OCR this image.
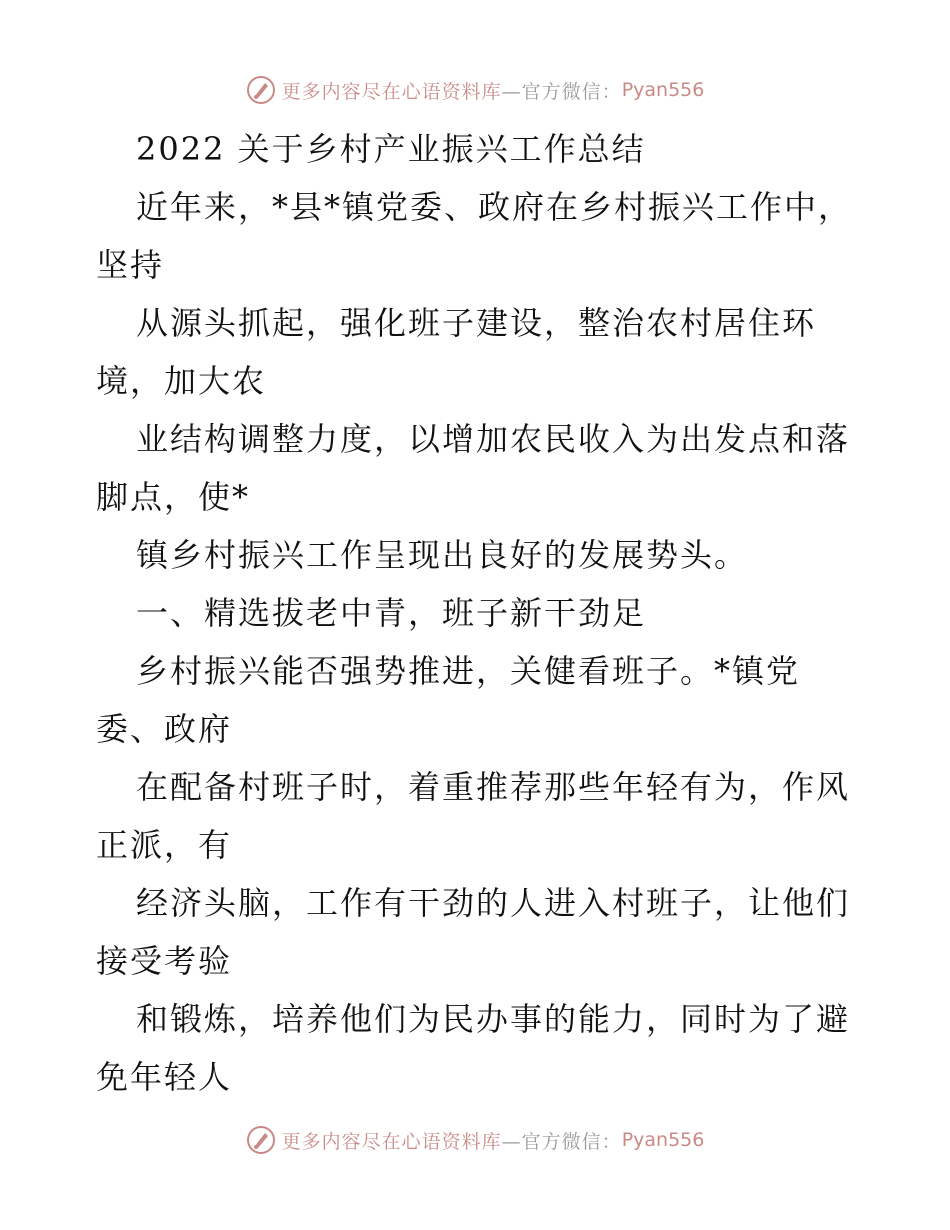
更多内容尽在心语资料库 —官方微信： Pyan556
2022 关于乡村产业振兴工作总结
近年来，*县*镇党委、政府在乡村振兴工作中，
坚持
从源头抓起，强化班子建设，整治农村居住环
境，加大农
业结构调整力度，以增加农民收入为出发点和落
脚点，使*
镇乡村振兴工作呈现出良好的发展势头。
一、精选拔老中青，班子新干劲足
乡村振兴能否强势推进，关健看班子。*镇党
委、政府
在配备村班子时，着重推荐那些年轻有为，作风
正派，有
经济头脑，工作有干劲的人进入村班子，让他们
接受考验
和锻炼，培养他们为民办事的能力，同时为了避
免年轻人
更多内容尽在心语资料库 —官方微信： Pyan556
